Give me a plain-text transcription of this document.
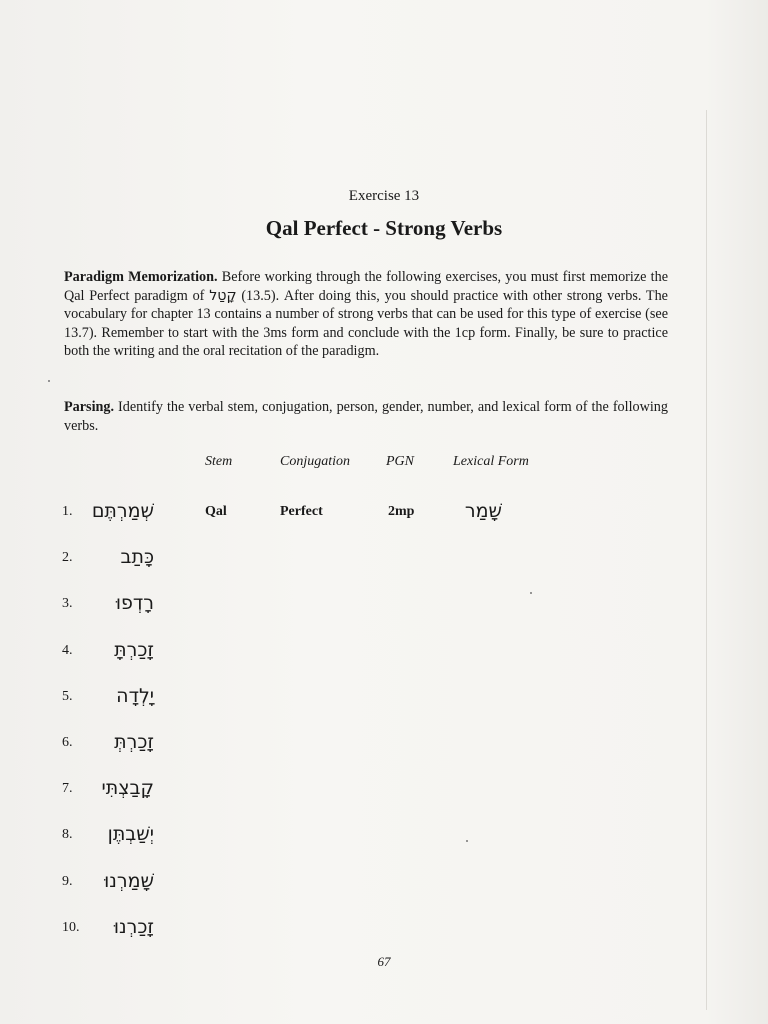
Exercise 13
Qal Perfect - Strong Verbs
Paradigm Memorization. Before working through the following exercises, you must first memorize the Qal Perfect paradigm of קָטַל (13.5). After doing this, you should practice with other strong verbs. The vocabulary for chapter 13 contains a number of strong verbs that can be used for this type of exercise (see 13.7). Remember to start with the 3ms form and conclude with the 1cp form. Finally, be sure to practice both the writing and the oral recitation of the paradigm.
Parsing. Identify the verbal stem, conjugation, person, gender, number, and lexical form of the following verbs.
Stem	Conjugation	PGN	Lexical Form
1.	שְׁמַרְתֶּם	Qal	Perfect	2mp	שָׁמַר
2.	כָּתַב
3.	רָדְפוּ
4.	זָכַרְתָּ
5.	יָלְדָה
6.	זָכַרְתְּ
7.	קָבַצְתִּי
8.	יְשַׁבְתֶּן
9.	שָׁמַרְנוּ
10.	זָכַרְנוּ
67
